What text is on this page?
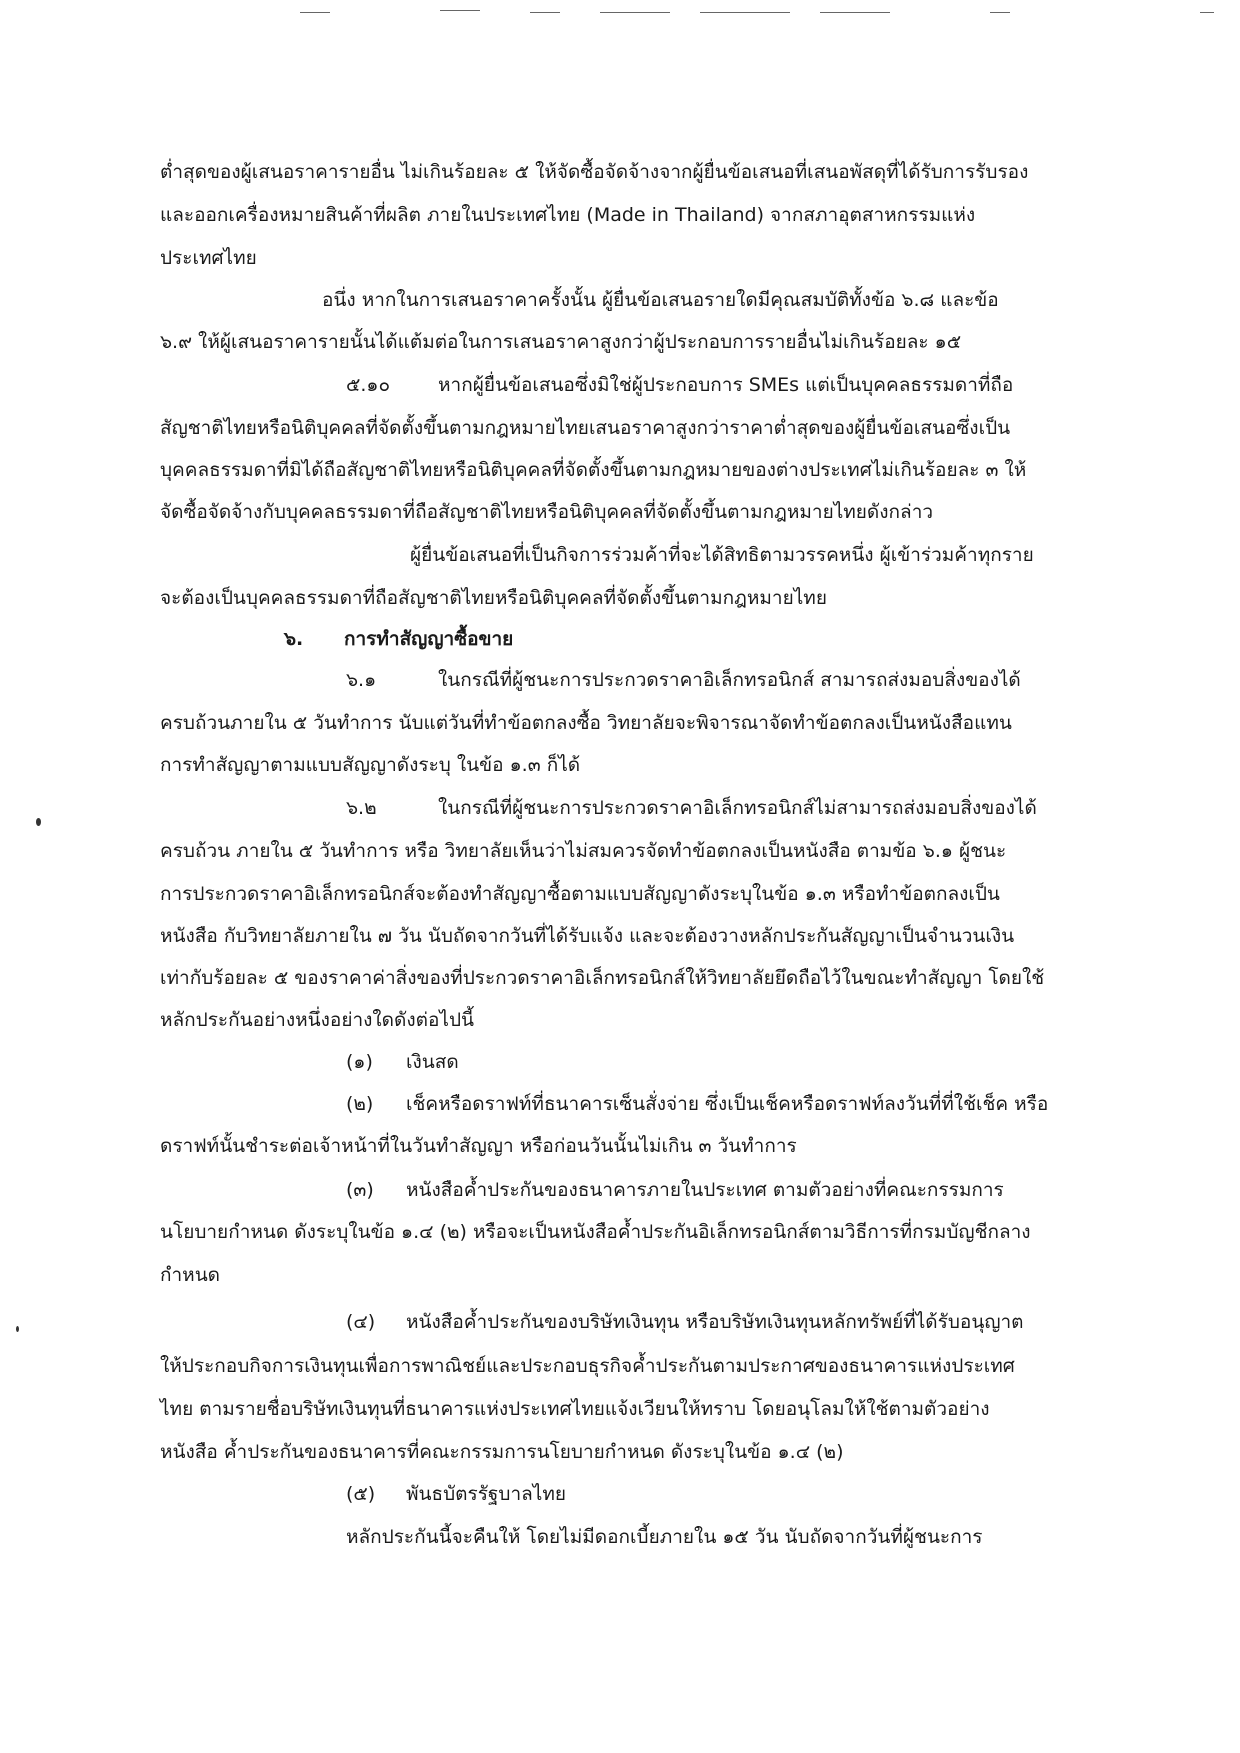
ต่ำสุดของผู้เสนอราคารายอื่น ไม่เกินร้อยละ ๕ ให้จัดซื้อจัดจ้างจากผู้ยื่นข้อเสนอที่เสนอพัสดุที่ได้รับการรับรอง
และออกเครื่องหมายสินค้าที่ผลิต ภายในประเทศไทย (Made in Thailand) จากสภาอุตสาหกรรมแห่ง
ประเทศไทย
อนึ่ง หากในการเสนอราคาครั้งนั้น ผู้ยื่นข้อเสนอรายใดมีคุณสมบัติทั้งข้อ ๖.๘ และข้อ
๖.๙ ให้ผู้เสนอราคารายนั้นได้แต้มต่อในการเสนอราคาสูงกว่าผู้ประกอบการรายอื่นไม่เกินร้อยละ ๑๕
๕.๑๐	หากผู้ยื่นข้อเสนอซึ่งมิใช่ผู้ประกอบการ SMEs แต่เป็นบุคคลธรรมดาที่ถือ
สัญชาติไทยหรือนิติบุคคลที่จัดตั้งขึ้นตามกฎหมายไทยเสนอราคาสูงกว่าราคาต่ำสุดของผู้ยื่นข้อเสนอซึ่งเป็น
บุคคลธรรมดาที่มิได้ถือสัญชาติไทยหรือนิติบุคคลที่จัดตั้งขึ้นตามกฎหมายของต่างประเทศไม่เกินร้อยละ ๓ ให้
จัดซื้อจัดจ้างกับบุคคลธรรมดาที่ถือสัญชาติไทยหรือนิติบุคคลที่จัดตั้งขึ้นตามกฎหมายไทยดังกล่าว
ผู้ยื่นข้อเสนอที่เป็นกิจการร่วมค้าที่จะได้สิทธิตามวรรคหนึ่ง ผู้เข้าร่วมค้าทุกราย
จะต้องเป็นบุคคลธรรมดาที่ถือสัญชาติไทยหรือนิติบุคคลที่จัดตั้งขึ้นตามกฎหมายไทย
๖. การทำสัญญาซื้อขาย
๖.๑	ในกรณีที่ผู้ชนะการประกวดราคาอิเล็กทรอนิกส์ สามารถส่งมอบสิ่งของได้
ครบถ้วนภายใน ๕ วันทำการ นับแต่วันที่ทำข้อตกลงซื้อ วิทยาลัยจะพิจารณาจัดทำข้อตกลงเป็นหนังสือแทน
การทำสัญญาตามแบบสัญญาดังระบุ ในข้อ ๑.๓ ก็ได้
๖.๒	ในกรณีที่ผู้ชนะการประกวดราคาอิเล็กทรอนิกส์ไม่สามารถส่งมอบสิ่งของได้
ครบถ้วน ภายใน ๕ วันทำการ หรือ วิทยาลัยเห็นว่าไม่สมควรจัดทำข้อตกลงเป็นหนังสือ ตามข้อ ๖.๑ ผู้ชนะ
การประกวดราคาอิเล็กทรอนิกส์จะต้องทำสัญญาซื้อตามแบบสัญญาดังระบุในข้อ ๑.๓ หรือทำข้อตกลงเป็น
หนังสือ กับวิทยาลัยภายใน ๗ วัน นับถัดจากวันที่ได้รับแจ้ง และจะต้องวางหลักประกันสัญญาเป็นจำนวนเงิน
เท่ากับร้อยละ ๕ ของราคาค่าสิ่งของที่ประกวดราคาอิเล็กทรอนิกส์ให้วิทยาลัยยึดถือไว้ในขณะทำสัญญา โดยใช้
หลักประกันอย่างหนึ่งอย่างใดดังต่อไปนี้
(๑) เงินสด
(๒) เช็คหรือดราฟท์ที่ธนาคารเซ็นสั่งจ่าย ซึ่งเป็นเช็คหรือดราฟท์ลงวันที่ที่ใช้เช็ค หรือ
ดราฟท์นั้นชำระต่อเจ้าหน้าที่ในวันทำสัญญา หรือก่อนวันนั้นไม่เกิน ๓ วันทำการ
(๓) หนังสือค้ำประกันของธนาคารภายในประเทศ ตามตัวอย่างที่คณะกรรมการ
นโยบายกำหนด ดังระบุในข้อ ๑.๔ (๒) หรือจะเป็นหนังสือค้ำประกันอิเล็กทรอนิกส์ตามวิธีการที่กรมบัญชีกลาง
กำหนด
(๔) หนังสือค้ำประกันของบริษัทเงินทุน หรือบริษัทเงินทุนหลักทรัพย์ที่ได้รับอนุญาต
ให้ประกอบกิจการเงินทุนเพื่อการพาณิชย์และประกอบธุรกิจค้ำประกันตามประกาศของธนาคารแห่งประเทศ
ไทย ตามรายชื่อบริษัทเงินทุนที่ธนาคารแห่งประเทศไทยแจ้งเวียนให้ทราบ โดยอนุโลมให้ใช้ตามตัวอย่าง
หนังสือ ค้ำประกันของธนาคารที่คณะกรรมการนโยบายกำหนด ดังระบุในข้อ ๑.๔ (๒)
(๕) พันธบัตรรัฐบาลไทย
หลักประกันนี้จะคืนให้ โดยไม่มีดอกเบี้ยภายใน ๑๕ วัน นับถัดจากวันที่ผู้ชนะการ
